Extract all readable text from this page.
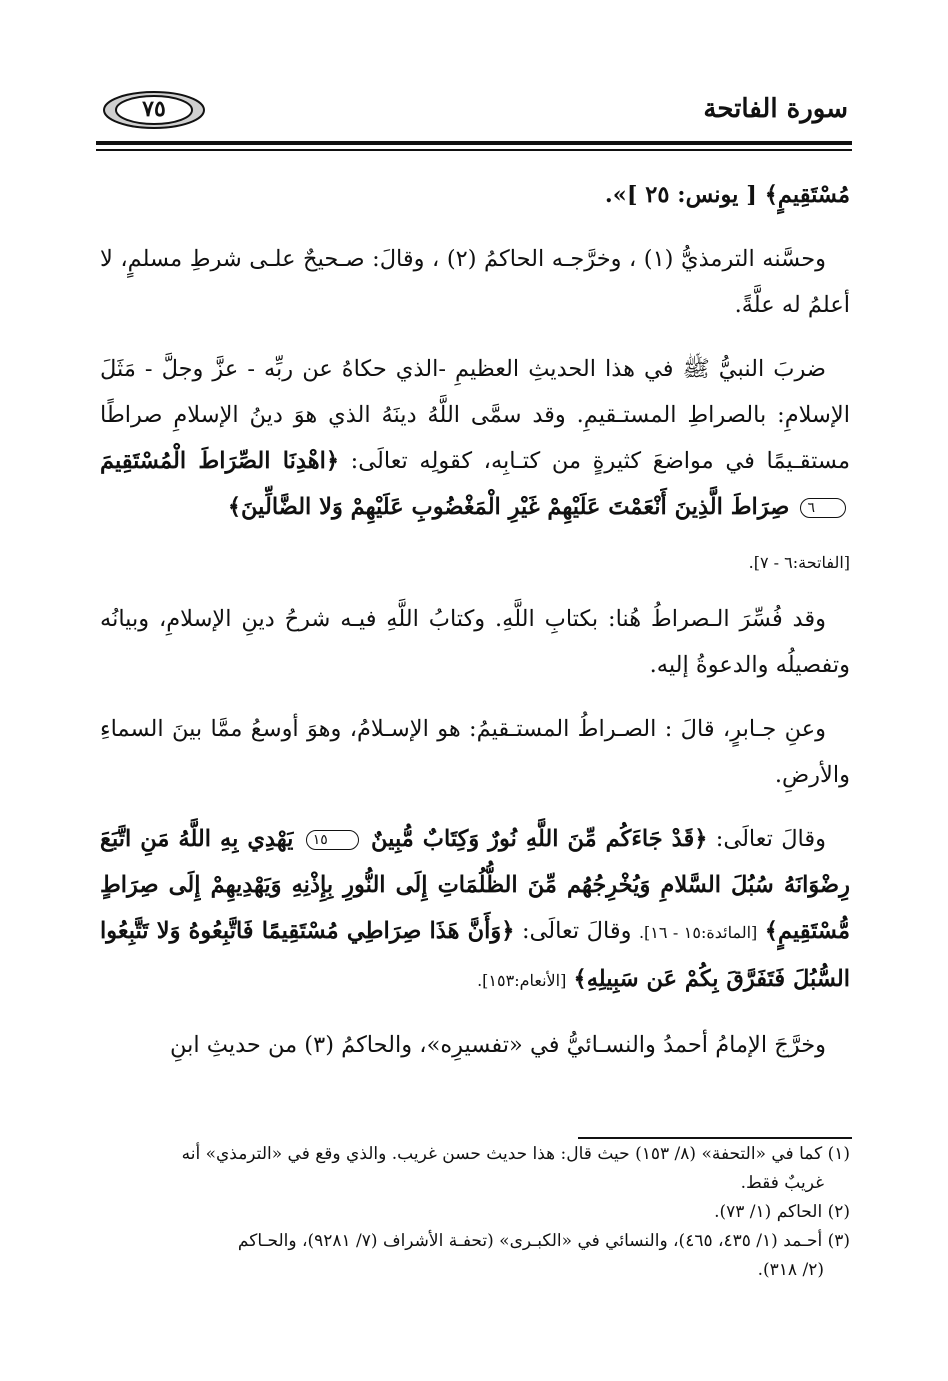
سورة الفاتحة
٧٥

مُسْتَقِيمٍ﴾ [ يونس: ٢٥ ]».

وحسَّنه الترمذيُّ (١) ، وخرَّجـه الحاكمُ (٢) ، وقالَ: صـحيحٌ علـى شرطِ مسلمٍ، لا أعلمُ له علَّةً.

ضربَ النبيُّ ﷺ في هذا الحديثِ العظيمِ -الذي حكاهُ عن ربِّه - عزَّ وجلَّ - مَثَلَ الإسلامِ: بالصراطِ المستـقيمِ. وقد سمَّى اللَّهُ دينَهُ الذي هوَ دينُ الإسلامِ صراطًا مستقـيمًا في مواضعَ كثيرةٍ من كتـابِه، كقولِه تعالَى: ﴿اهْدِنَا الصِّرَاطَ الْمُسْتَقِيمَ ٦ صِرَاطَ الَّذِينَ أَنْعَمْتَ عَلَيْهِمْ غَيْرِ الْمَغْضُوبِ عَلَيْهِمْ وَلا الضَّالِّينَ﴾

[الفاتحة:٦ - ٧].

وقد فُسِّرَ الـصراطُ هُنا: بكتابِ اللَّهِ. وكتابُ اللَّهِ فيـه شرحُ دينِ الإسلامِ، وبيانُه وتفصيلُه والدعوةُ إليه.

وعنِ جـابرٍ، قالَ : الصـراطُ المستـقيمُ: هو الإسـلامُ، وهوَ أوسعُ ممَّا بينَ السماءِ والأرضِ.

وقالَ تعالَى: ﴿قَدْ جَاءَكُم مِّنَ اللَّهِ نُورٌ وَكِتَابٌ مُّبِينٌ ١٥ يَهْدِي بِهِ اللَّهُ مَنِ اتَّبَعَ رِضْوَانَهُ سُبُلَ السَّلامِ وَيُخْرِجُهُم مِّنَ الظُّلُمَاتِ إِلَى النُّورِ بِإِذْنِهِ وَيَهْدِيهِمْ إِلَى صِرَاطٍ مُّسْتَقِيمٍ﴾ [المائدة:١٥ - ١٦]. وقالَ تعالَى: ﴿وَأَنَّ هَذَا صِرَاطِي مُسْتَقِيمًا فَاتَّبِعُوهُ وَلا تَتَّبِعُوا السُّبُلَ فَتَفَرَّقَ بِكُمْ عَن سَبِيلِهِ﴾ [الأنعام:١٥٣].

وخرَّجَ الإمامُ أحمدُ والنسـائيُّ في «تفسيرِه»، والحاكمُ (٣) من حديثِ ابنِ

(١) كما في «التحفة» (٨/ ١٥٣) حيث قال: هذا حديث حسن غريب. والذي وقع في «الترمذي» أنه

غريبٌ فقط.

(٢) الحاكم (١/ ٧٣).

(٣) أحـمد (١/ ٤٣٥، ٤٦٥)، والنسائي في «الكبـرى» (تحفـة الأشراف (٧/ ٩٢٨١)، والحـاكم

(٢/ ٣١٨).
